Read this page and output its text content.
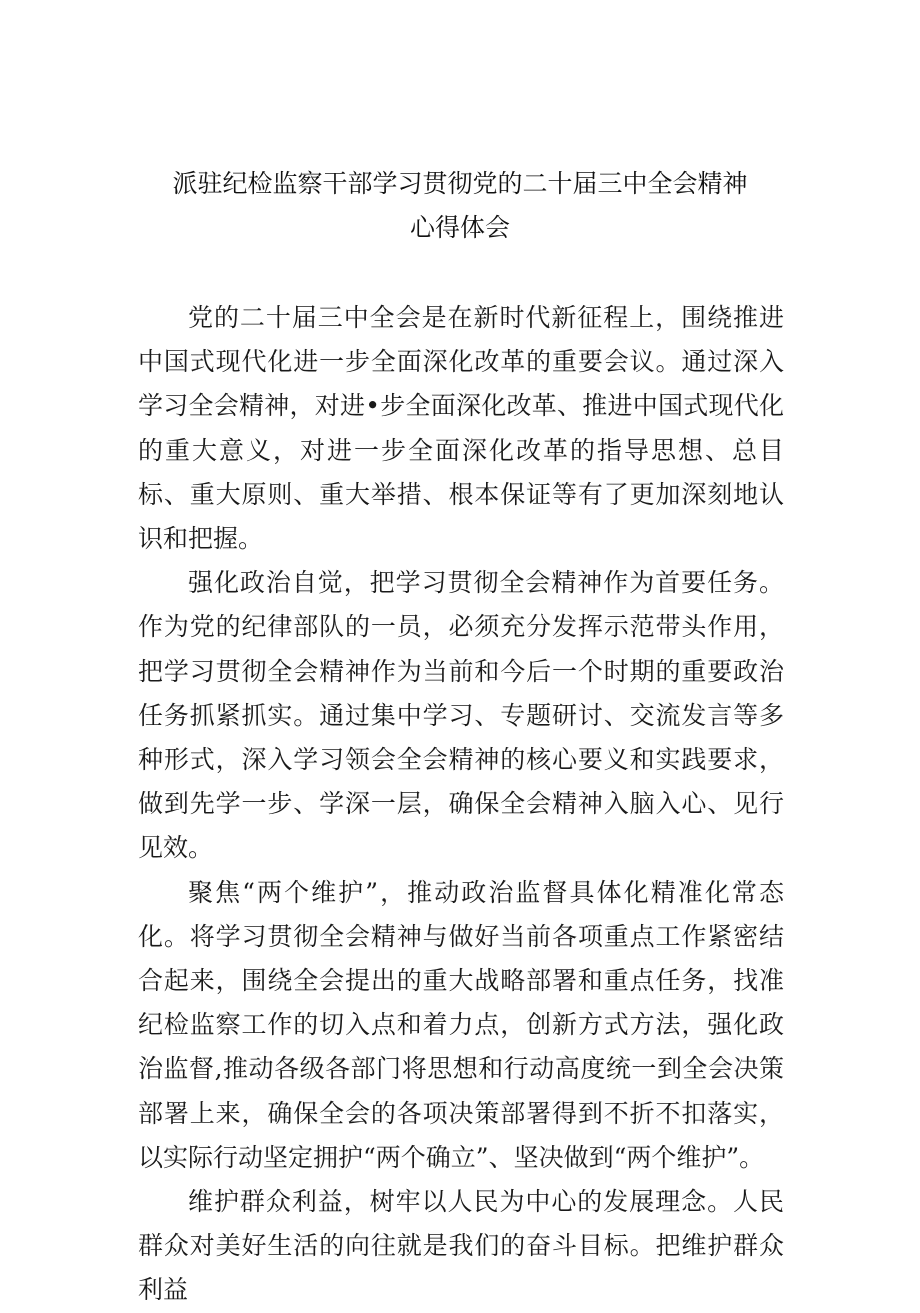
派驻纪检监察干部学习贯彻党的二十届三中全会精神
心得体会

党的二十届三中全会是在新时代新征程上，围绕推进中国式现代化进一步全面深化改革的重要会议。通过深入学习全会精神，对进•步全面深化改革、推进中国式现代化的重大意义，对进一步全面深化改革的指导思想、总目标、重大原则、重大举措、根本保证等有了更加深刻地认识和把握。

强化政治自觉，把学习贯彻全会精神作为首要任务。作为党的纪律部队的一员，必须充分发挥示范带头作用，把学习贯彻全会精神作为当前和今后一个时期的重要政治任务抓紧抓实。通过集中学习、专题研讨、交流发言等多种形式，深入学习领会全会精神的核心要义和实践要求，做到先学一步、学深一层，确保全会精神入脑入心、见行见效。

聚焦“两个维护”，推动政治监督具体化精准化常态化。将学习贯彻全会精神与做好当前各项重点工作紧密结合起来，围绕全会提出的重大战略部署和重点任务，找准纪检监察工作的切入点和着力点，创新方式方法，强化政治监督,推动各级各部门将思想和行动高度统一到全会决策部署上来，确保全会的各项决策部署得到不折不扣落实，以实际行动坚定拥护“两个确立”、坚决做到“两个维护”。

维护群众利益，树牢以人民为中心的发展理念。人民群众对美好生活的向往就是我们的奋斗目标。把维护群众利益
